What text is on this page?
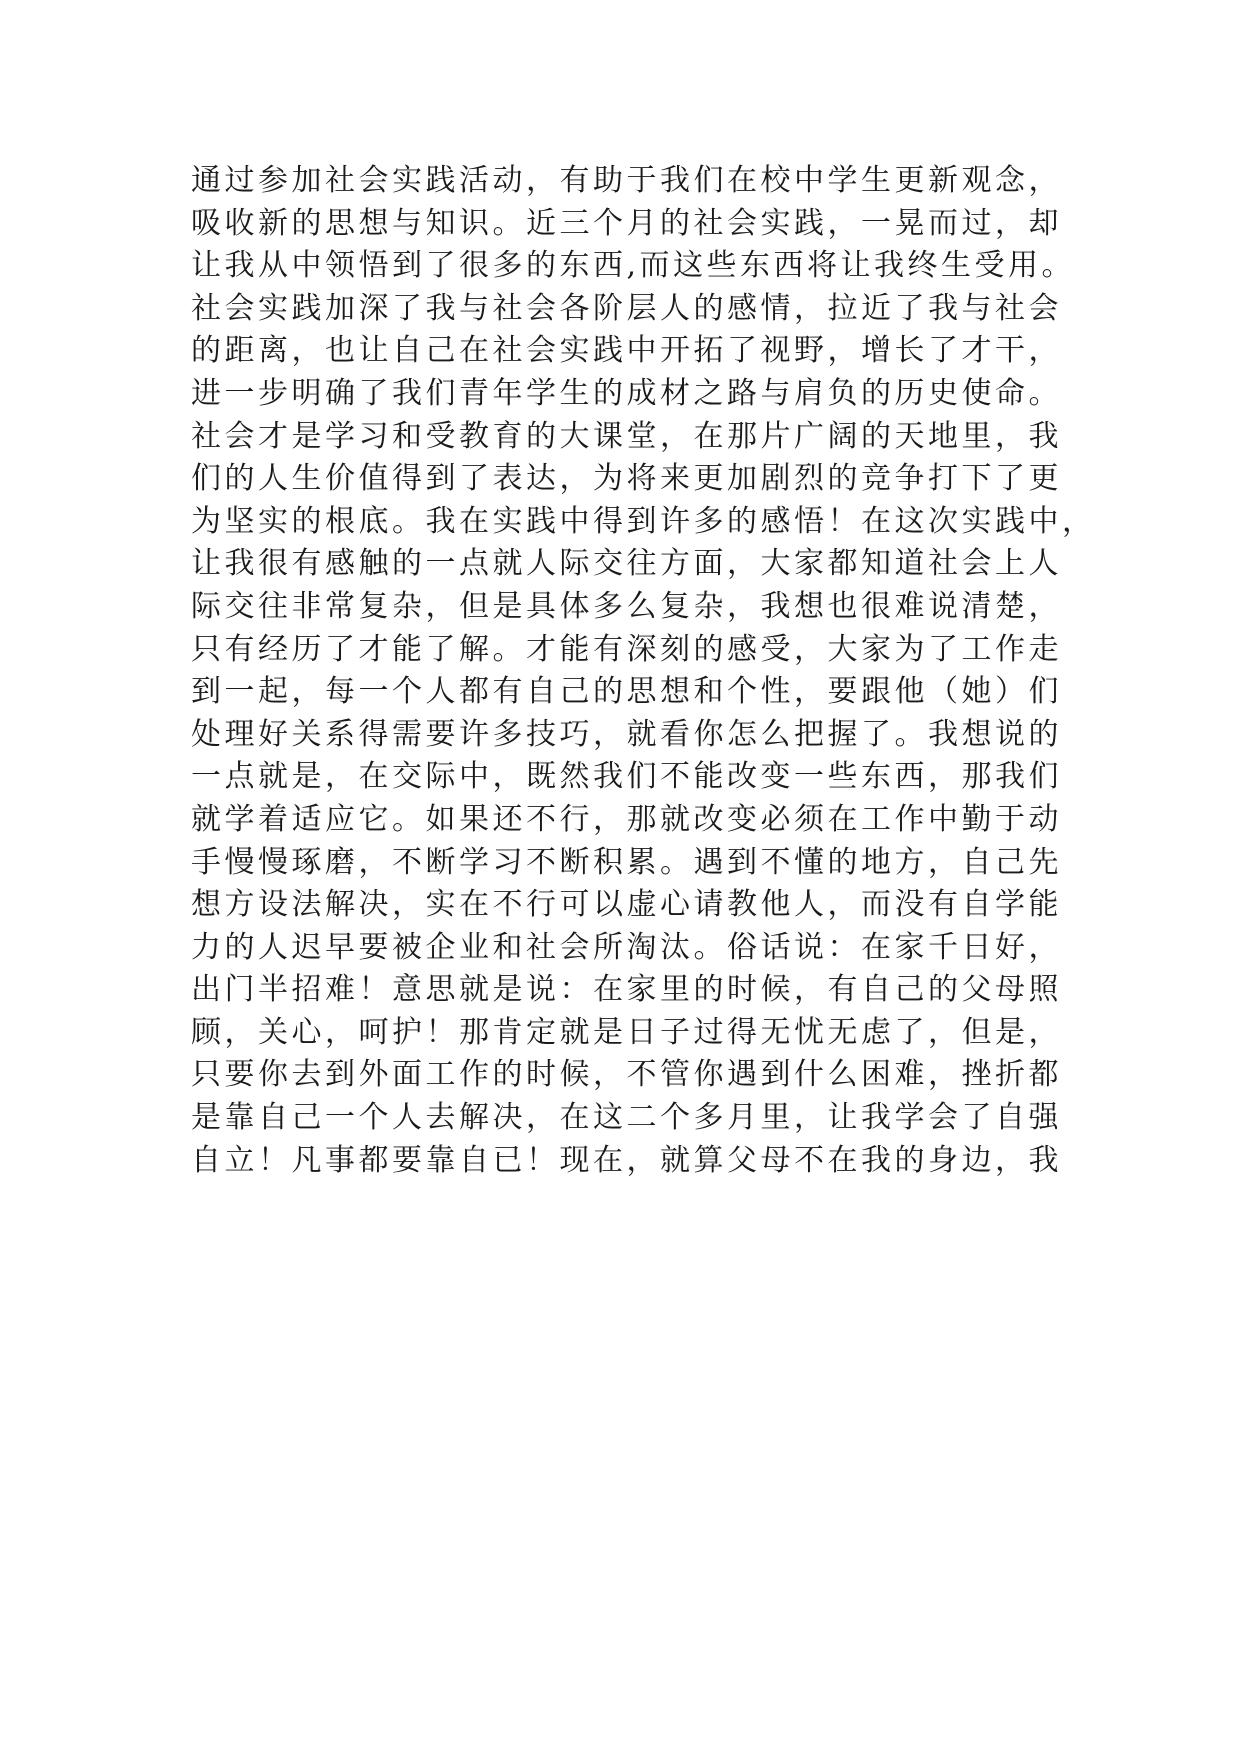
通过参加社会实践活动，有助于我们在校中学生更新观念，
吸收新的思想与知识。近三个月的社会实践，一晃而过，却
让我从中领悟到了很多的东西,而这些东西将让我终生受用。
社会实践加深了我与社会各阶层人的感情，拉近了我与社会
的距离，也让自己在社会实践中开拓了视野，增长了才干，
进一步明确了我们青年学生的成材之路与肩负的历史使命。
社会才是学习和受教育的大课堂，在那片广阔的天地里，我
们的人生价值得到了表达，为将来更加剧烈的竞争打下了更
为坚实的根底。我在实践中得到许多的感悟！在这次实践中，
让我很有感触的一点就人际交往方面，大家都知道社会上人
际交往非常复杂，但是具体多么复杂，我想也很难说清楚，
只有经历了才能了解。才能有深刻的感受，大家为了工作走
到一起，每一个人都有自己的思想和个性，要跟他（她）们
处理好关系得需要许多技巧，就看你怎么把握了。我想说的
一点就是，在交际中，既然我们不能改变一些东西，那我们
就学着适应它。如果还不行，那就改变必须在工作中勤于动
手慢慢琢磨，不断学习不断积累。遇到不懂的地方，自己先
想方设法解决，实在不行可以虚心请教他人，而没有自学能
力的人迟早要被企业和社会所淘汰。俗话说：在家千日好，
出门半招难！意思就是说：在家里的时候，有自己的父母照
顾，关心，呵护！那肯定就是日子过得无忧无虑了，但是，
只要你去到外面工作的时候，不管你遇到什么困难，挫折都
是靠自己一个人去解决，在这二个多月里，让我学会了自强
自立！凡事都要靠自已！现在，就算父母不在我的身边，我
